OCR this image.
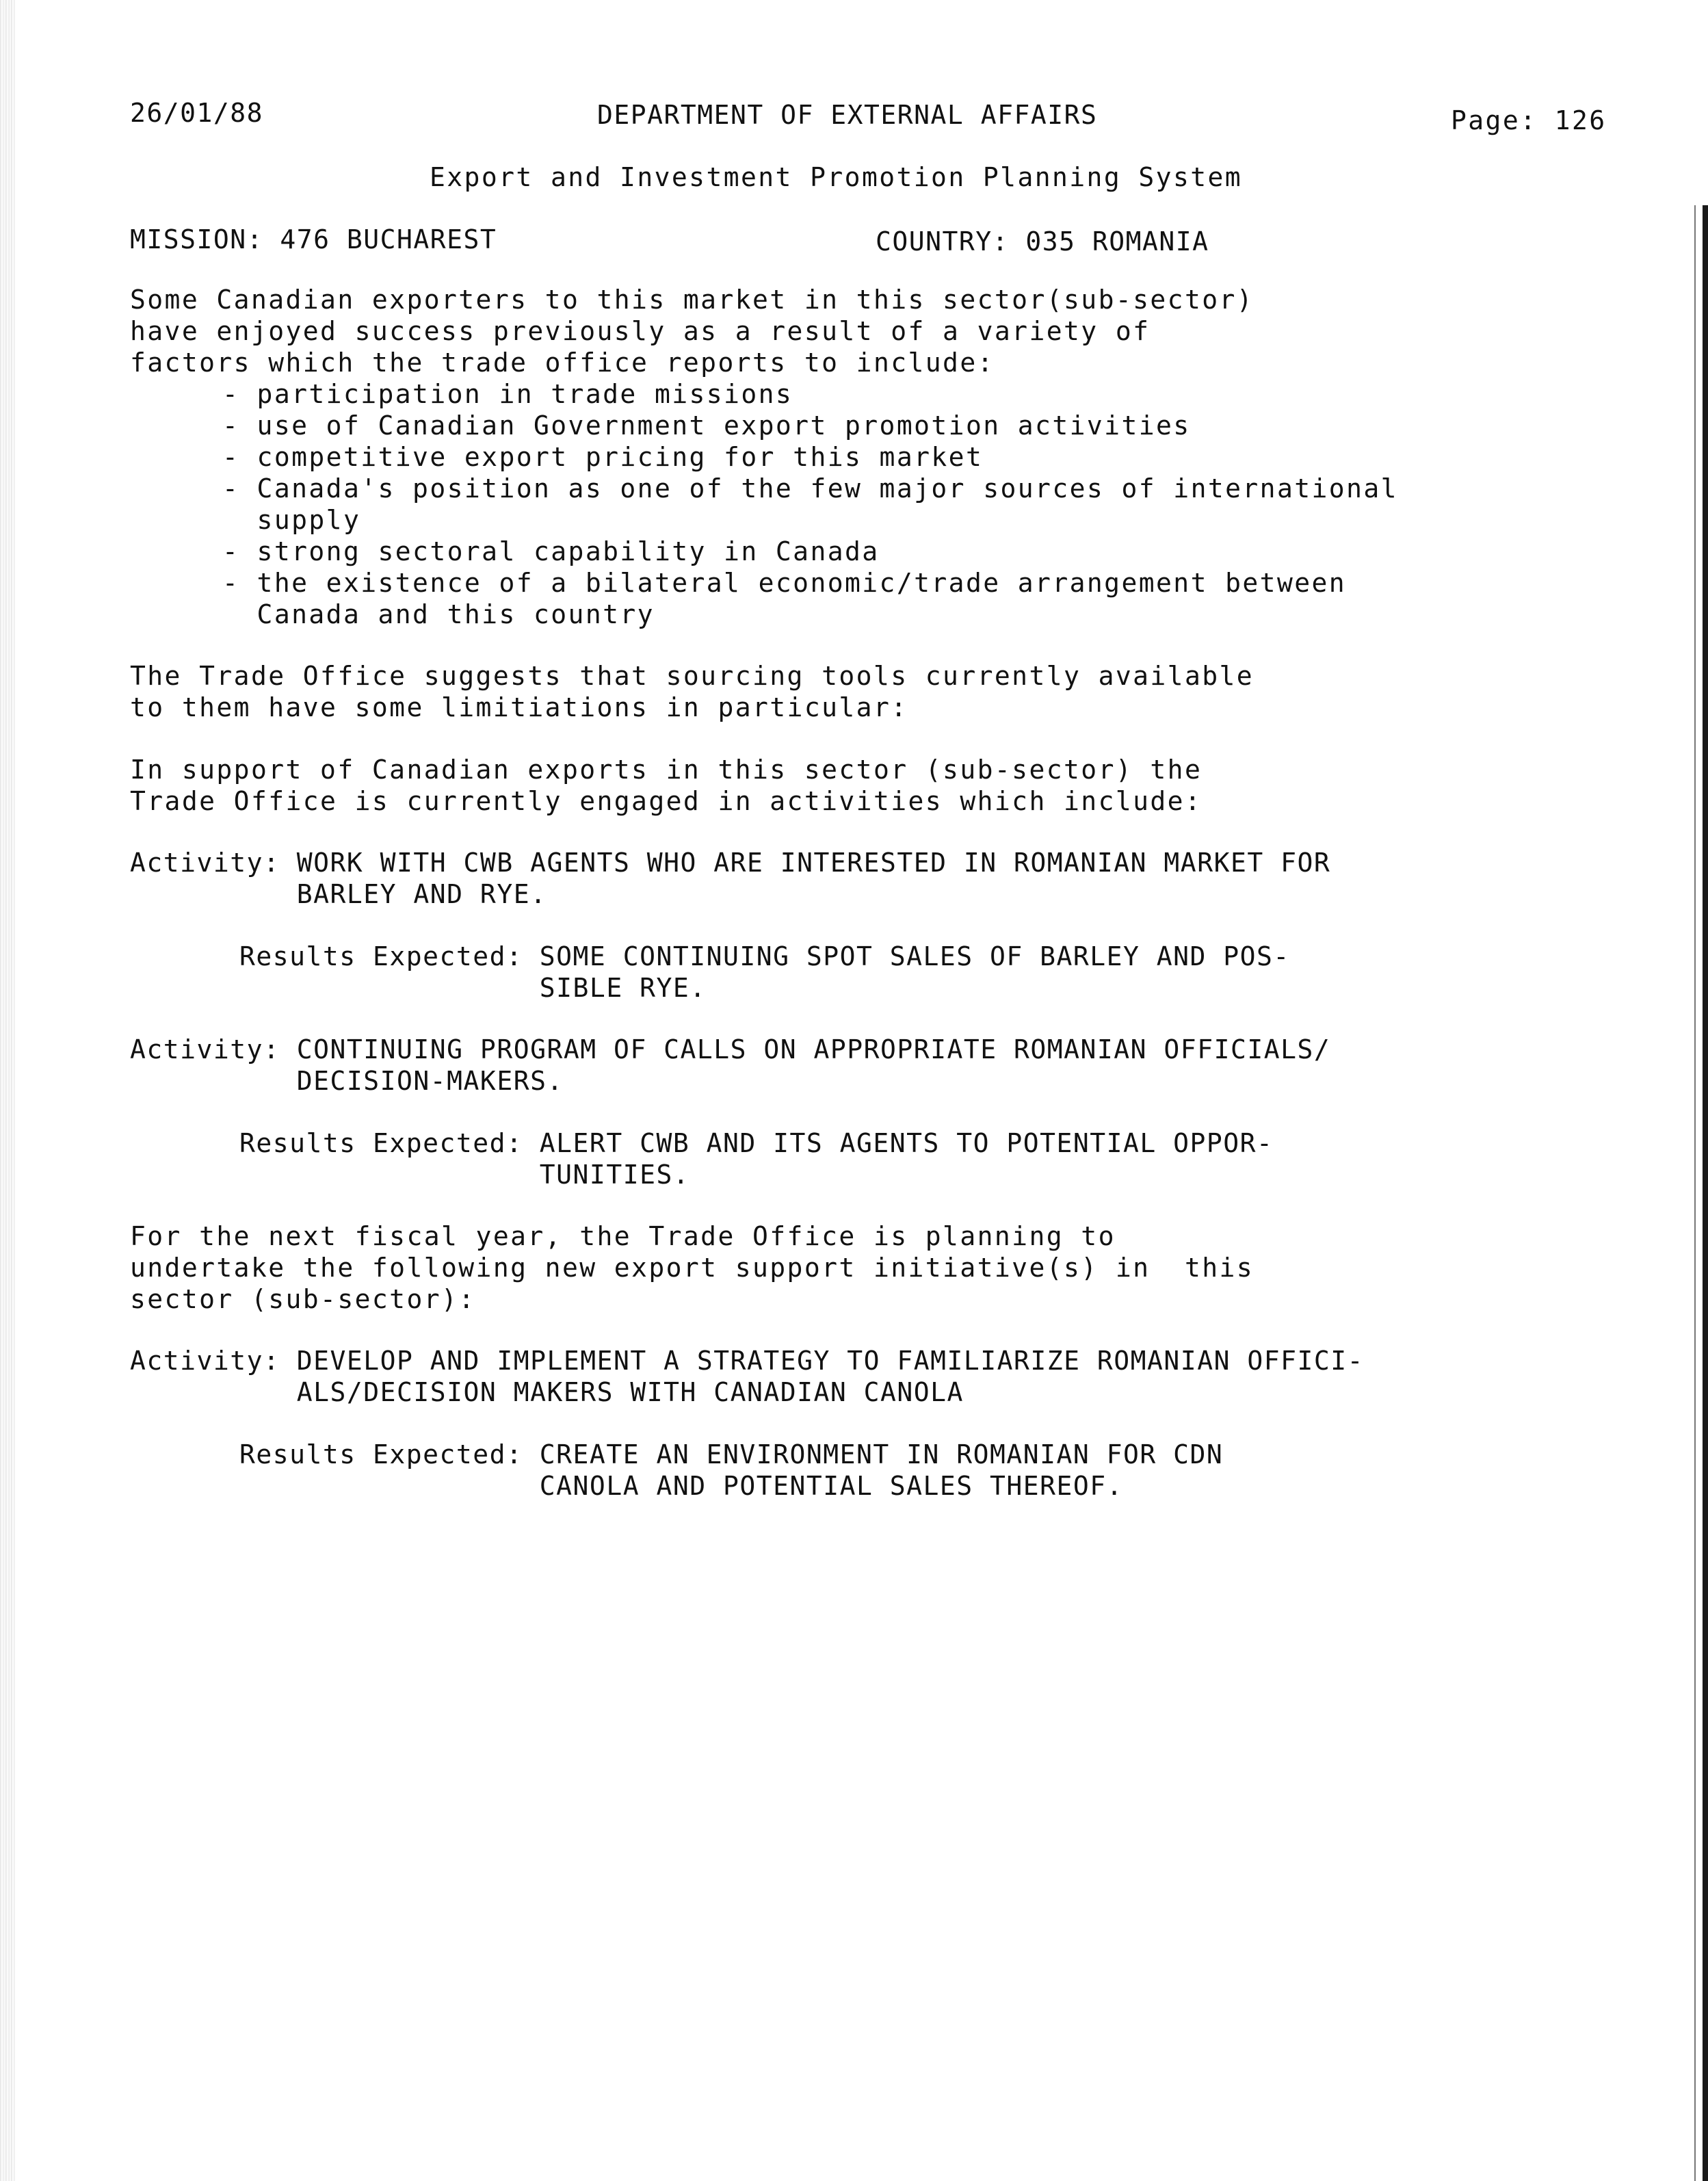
26/01/88	DEPARTMENT OF EXTERNAL AFFAIRS	Page: 126
Export and Investment Promotion Planning System
MISSION: 476 BUCHAREST	COUNTRY: 035 ROMANIA
Some Canadian exporters to this market in this sector(sub-sector)
have enjoyed success previously as a result of a variety of
factors which the trade office reports to include:
- participation in trade missions
- use of Canadian Government export promotion activities
- competitive export pricing for this market
- Canada's position as one of the few major sources of international
supply
- strong sectoral capability in Canada
- the existence of a bilateral economic/trade arrangement between
Canada and this country
The Trade Office suggests that sourcing tools currently available
to them have some limitiations in particular:
In support of Canadian exports in this sector (sub-sector) the
Trade Office is currently engaged in activities which include:
Activity: WORK WITH CWB AGENTS WHO ARE INTERESTED IN ROMANIAN MARKET FOR
BARLEY AND RYE.
Results Expected: SOME CONTINUING SPOT SALES OF BARLEY AND POS-
SIBLE RYE.
Activity: CONTINUING PROGRAM OF CALLS ON APPROPRIATE ROMANIAN OFFICIALS/
DECISION-MAKERS.
Results Expected: ALERT CWB AND ITS AGENTS TO POTENTIAL OPPOR-
TUNITIES.
For the next fiscal year, the Trade Office is planning to
undertake the following new export support initiative(s) in  this
sector (sub-sector):
Activity: DEVELOP AND IMPLEMENT A STRATEGY TO FAMILIARIZE ROMANIAN OFFICI-
ALS/DECISION MAKERS WITH CANADIAN CANOLA
Results Expected: CREATE AN ENVIRONMENT IN ROMANIAN FOR CDN
CANOLA AND POTENTIAL SALES THEREOF.
